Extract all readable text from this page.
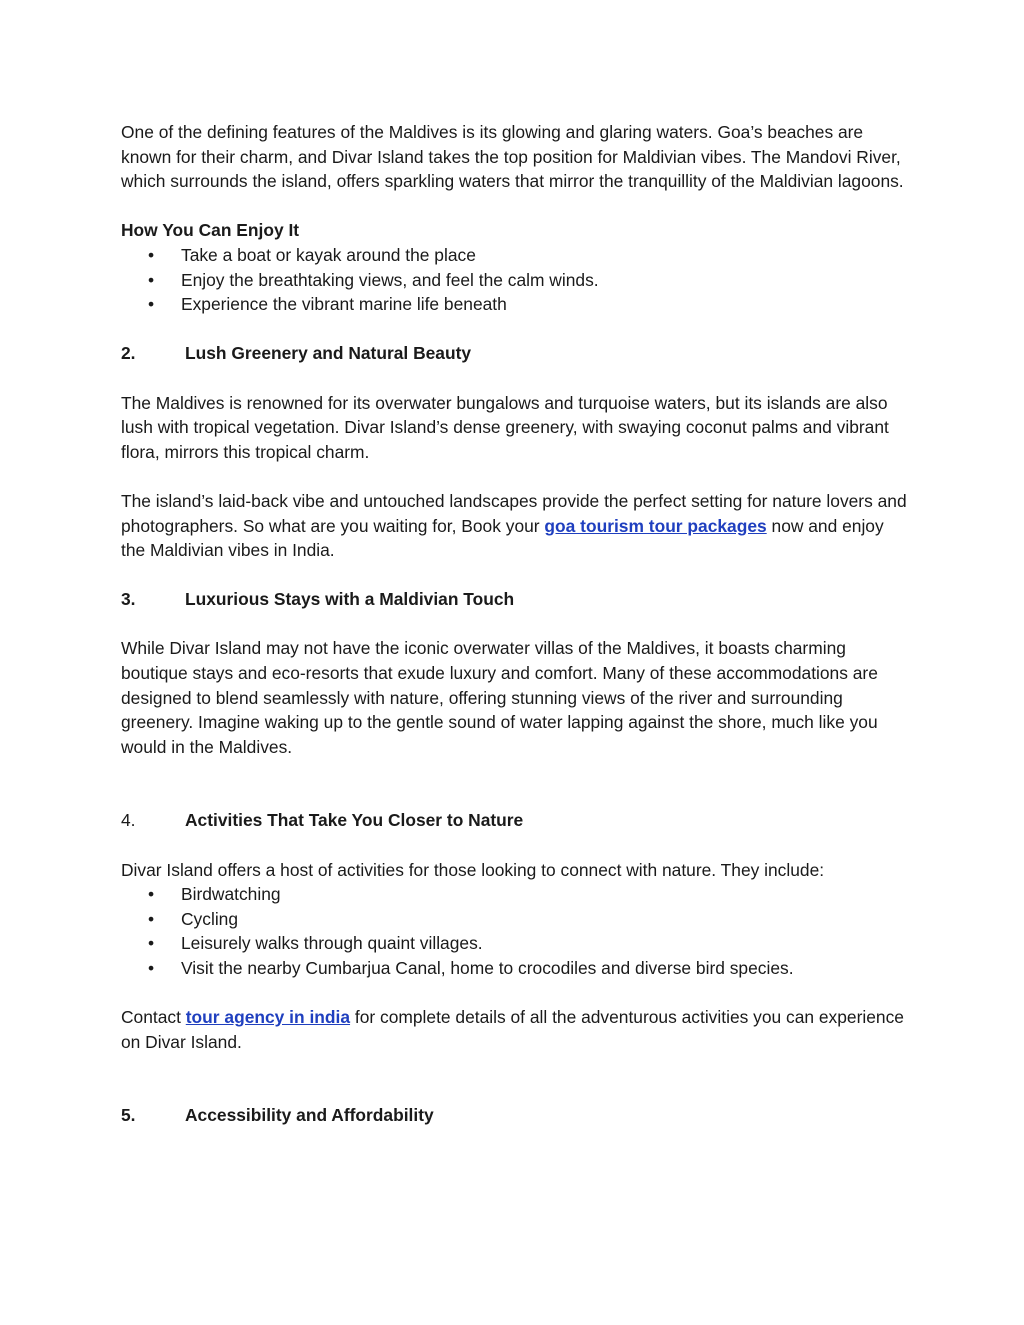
One of the defining features of the Maldives is its glowing and glaring waters. Goa’s beaches are known for their charm, and Divar Island takes the top position for Maldivian vibes. The Mandovi River, which surrounds the island, offers sparkling waters that mirror the tranquillity of the Maldivian lagoons.

How You Can Enjoy It

• Take a boat or kayak around the place
• Enjoy the breathtaking views, and feel the calm winds.
• Experience the vibrant marine life beneath
2.	Lush Greenery and Natural Beauty

The Maldives is renowned for its overwater bungalows and turquoise waters, but its islands are also lush with tropical vegetation. Divar Island’s dense greenery, with swaying coconut palms and vibrant flora, mirrors this tropical charm.

The island’s laid-back vibe and untouched landscapes provide the perfect setting for nature lovers and photographers. So what are you waiting for, Book your goa tourism tour packages now and enjoy the Maldivian vibes in India.

3.	Luxurious Stays with a Maldivian Touch

While Divar Island may not have the iconic overwater villas of the Maldives, it boasts charming boutique stays and eco-resorts that exude luxury and comfort. Many of these accommodations are designed to blend seamlessly with nature, offering stunning views of the river and surrounding greenery. Imagine waking up to the gentle sound of water lapping against the shore, much like you would in the Maldives.

4.	Activities That Take You Closer to Nature

Divar Island offers a host of activities for those looking to connect with nature. They include:

• Birdwatching
• Cycling
• Leisurely walks through quaint villages.
• Visit the nearby Cumbarjua Canal, home to crocodiles and diverse bird species.

Contact tour agency in india for complete details of all the adventurous activities you can experience on Divar Island.

5.	Accessibility and Affordability
